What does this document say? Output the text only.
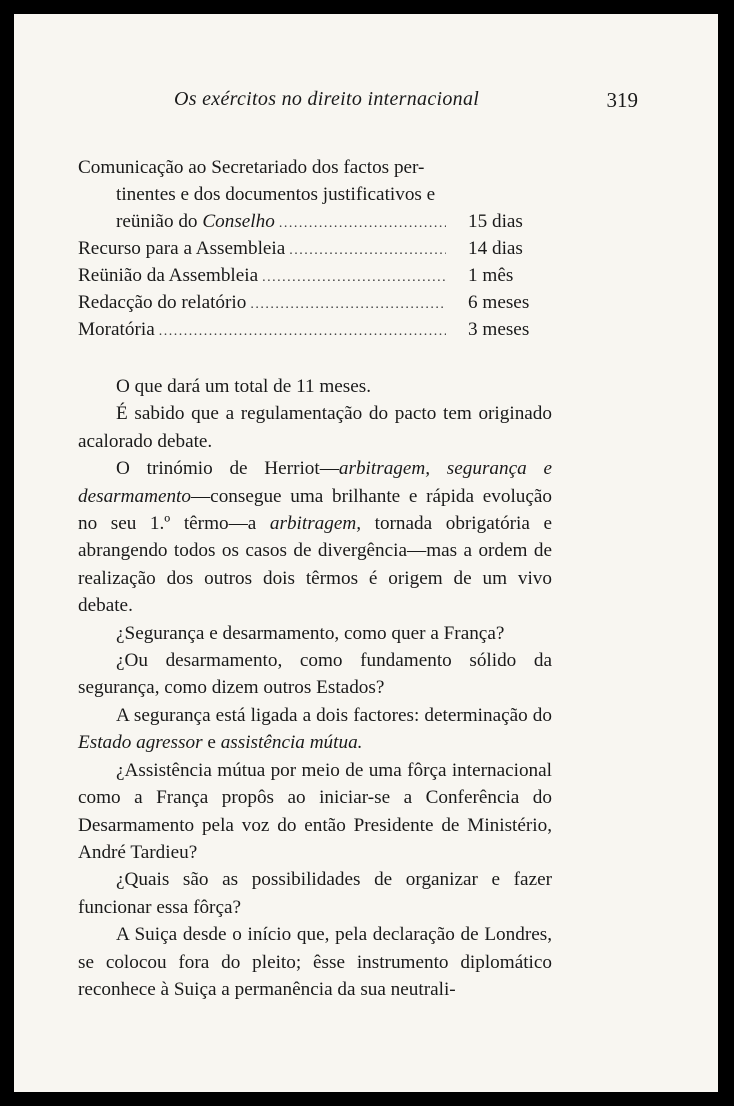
Os exércitos no direito internacional	319
Comunicação ao Secretariado dos factos per-
tinentes e dos documentos justificativos e
reünião do Conselho .....	15 dias
Recurso para a Assembleia .....	14 dias
Reünião da Assembleia .....	1 mês
Redacção do relatório .....	6 meses
Moratória .....	3 meses

O que dará um total de 11 meses.

É sabido que a regulamentação do pacto tem originado acalorado debate.

O trinómio de Herriot—arbitragem, segurança e desarmamento—consegue uma brilhante e rápida evolução no seu 1.º têrmo—a arbitragem, tornada obrigatória e abrangendo todos os casos de divergência—mas a ordem de realização dos outros dois têrmos é origem de um vivo debate.

¿Segurança e desarmamento, como quer a França?

¿Ou desarmamento, como fundamento sólido da segurança, como dizem outros Estados?

A segurança está ligada a dois factores: determinação do Estado agressor e assistência mútua.

¿Assistência mútua por meio de uma fôrça internacional como a França propôs ao iniciar-se a Conferência do Desarmamento pela voz do então Presidente de Ministério, André Tardieu?

¿Quais são as possibilidades de organizar e fazer funcionar essa fôrça?

A Suiça desde o início que, pela declaração de Londres, se colocou fora do pleito; êsse instrumento diplomático reconhece à Suiça a permanência da sua neutrali-
